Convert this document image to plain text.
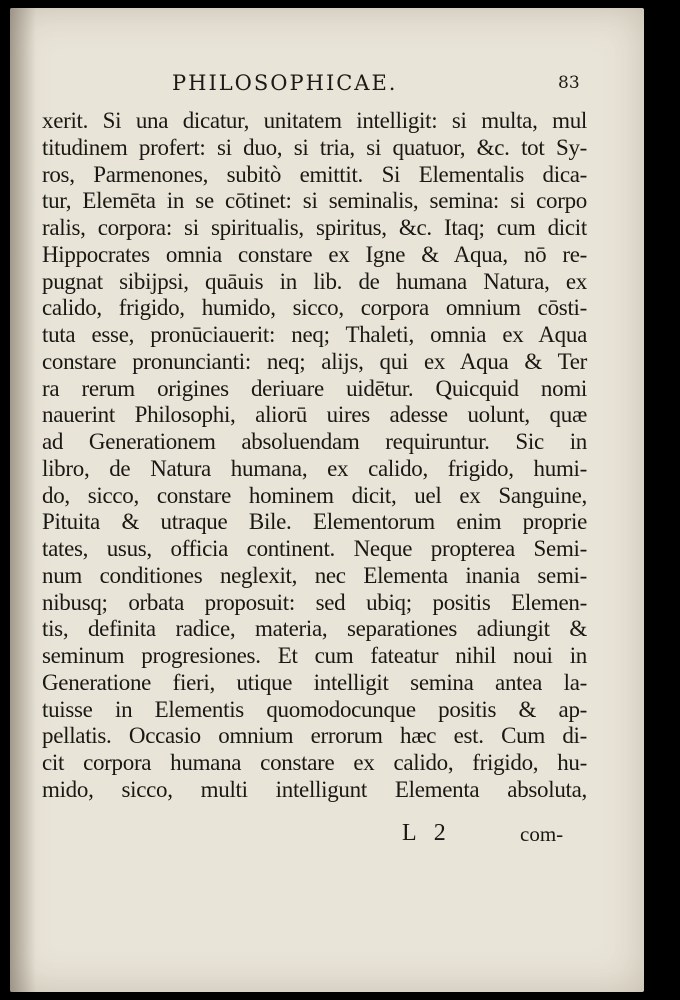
PHILOSOPHICAE.	83
xerit. Si una dicatur, unitatem intelligit: si multa, mul
titudinem profert: si duo, si tria, si quatuor, &c. tot Sy-
ros, Parmenones, subitò emittit. Si Elementalis dica-
tur, Elemēta in se cōtinet: si seminalis, semina: si corpo
ralis, corpora: si spiritualis, spiritus, &c. Itaq; cum dicit
Hippocrates omnia constare ex Igne & Aqua, nō re-
pugnat sibijpsi, quāuis in lib. de humana Natura, ex
calido, frigido, humido, sicco, corpora omnium cōsti-
tuta esse, pronūciauerit: neq; Thaleti, omnia ex Aqua
constare pronuncianti: neq; alijs, qui ex Aqua & Ter
ra rerum origines deriuare uidētur. Quicquid nomi
nauerint Philosophi, aliorū uires adesse uolunt, quæ
ad Generationem absoluendam requiruntur. Sic in
libro, de Natura humana, ex calido, frigido, humi-
do, sicco, constare hominem dicit, uel ex Sanguine,
Pituita & utraque Bile. Elementorum enim proprie
tates, usus, officia continent. Neque propterea Semi-
num conditiones neglexit, nec Elementa inania semi-
nibusq; orbata proposuit: sed ubiq; positis Elemen-
tis, definita radice, materia, separationes adiungit &
seminum progresiones. Et cum fateatur nihil noui in
Generatione fieri, utique intelligit semina antea la-
tuisse in Elementis quomodocunque positis & ap-
pellatis. Occasio omnium errorum hæc est. Cum di-
cit corpora humana constare ex calido, frigido, hu-
mido, sicco, multi intelligunt Elementa absoluta,
L 2	com-
